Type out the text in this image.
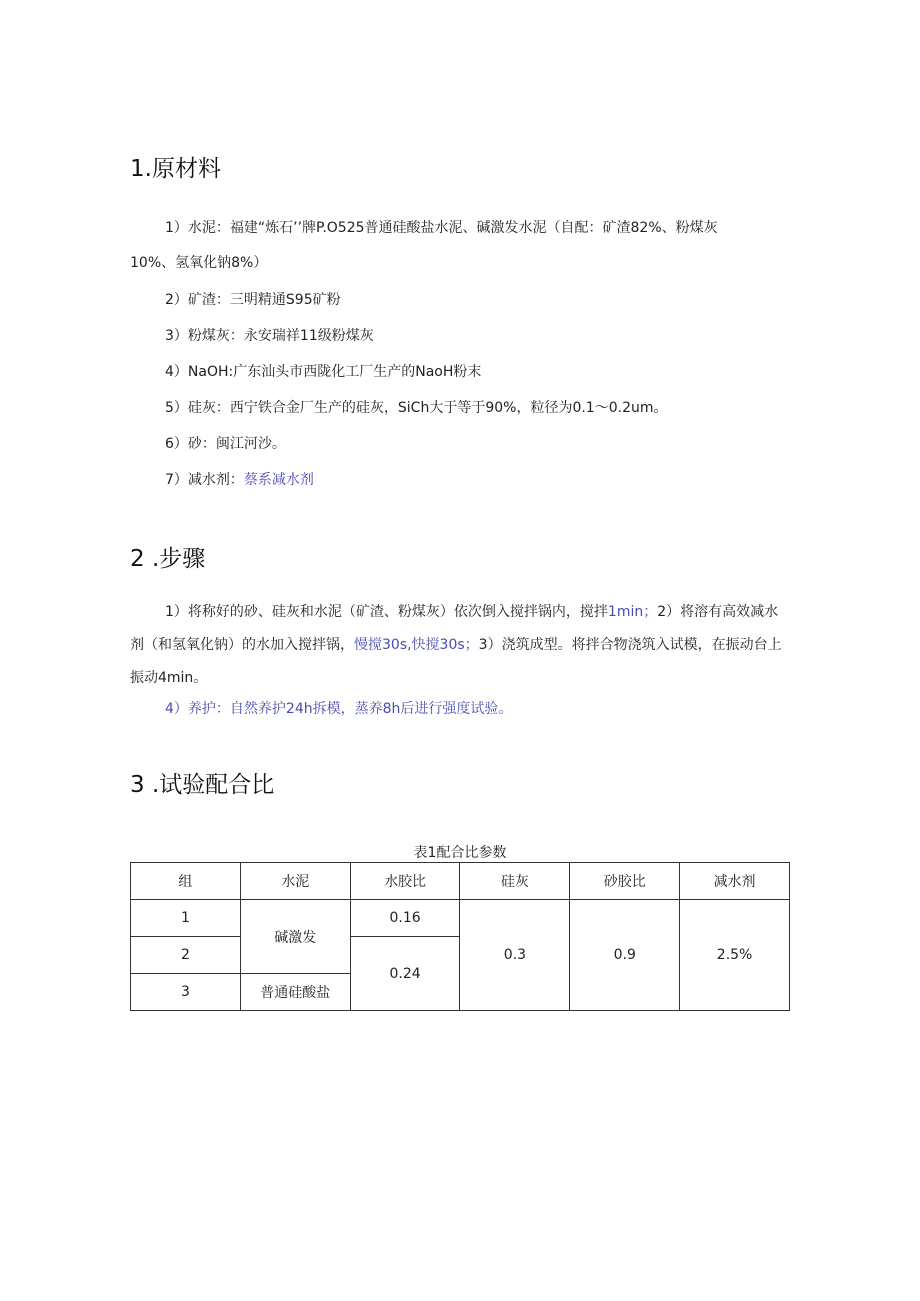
1.原材料
1）水泥：福建“炼石’’牌P.O525普通硅酸盐水泥、碱激发水泥（自配：矿渣82%、粉煤灰
10%、氢氧化钠8%）
2）矿渣：三明精通S95矿粉
3）粉煤灰：永安瑞祥11级粉煤灰
4）NaOH:广东汕头市西陇化工厂生产的NaoH粉末
5）硅灰：西宁铁合金厂生产的硅灰，SiCh大于等于90%，粒径为0.1～0.2um。
6）砂：闽江河沙。
7）减水剂：蔡系减水剂
2 .步骤
1）将称好的砂、硅灰和水泥（矿渣、粉煤灰）依次倒入搅拌锅内，搅拌1min；2）将溶有高效减水剂（和氢氧化钠）的水加入搅拌锅，慢搅30s,快搅30s；3）浇筑成型。将拌合物浇筑入试模，在振动台上振动4min。
4）养护：自然养护24h拆模，蒸养8h后进行强度试验。
3 .试验配合比
表1配合比参数
组	水泥	水胶比	硅灰	砂胶比	减水剂
1	碱激发	0.16	0.3	0.9	2.5%
2		0.24			
3	普通硅酸盐				
